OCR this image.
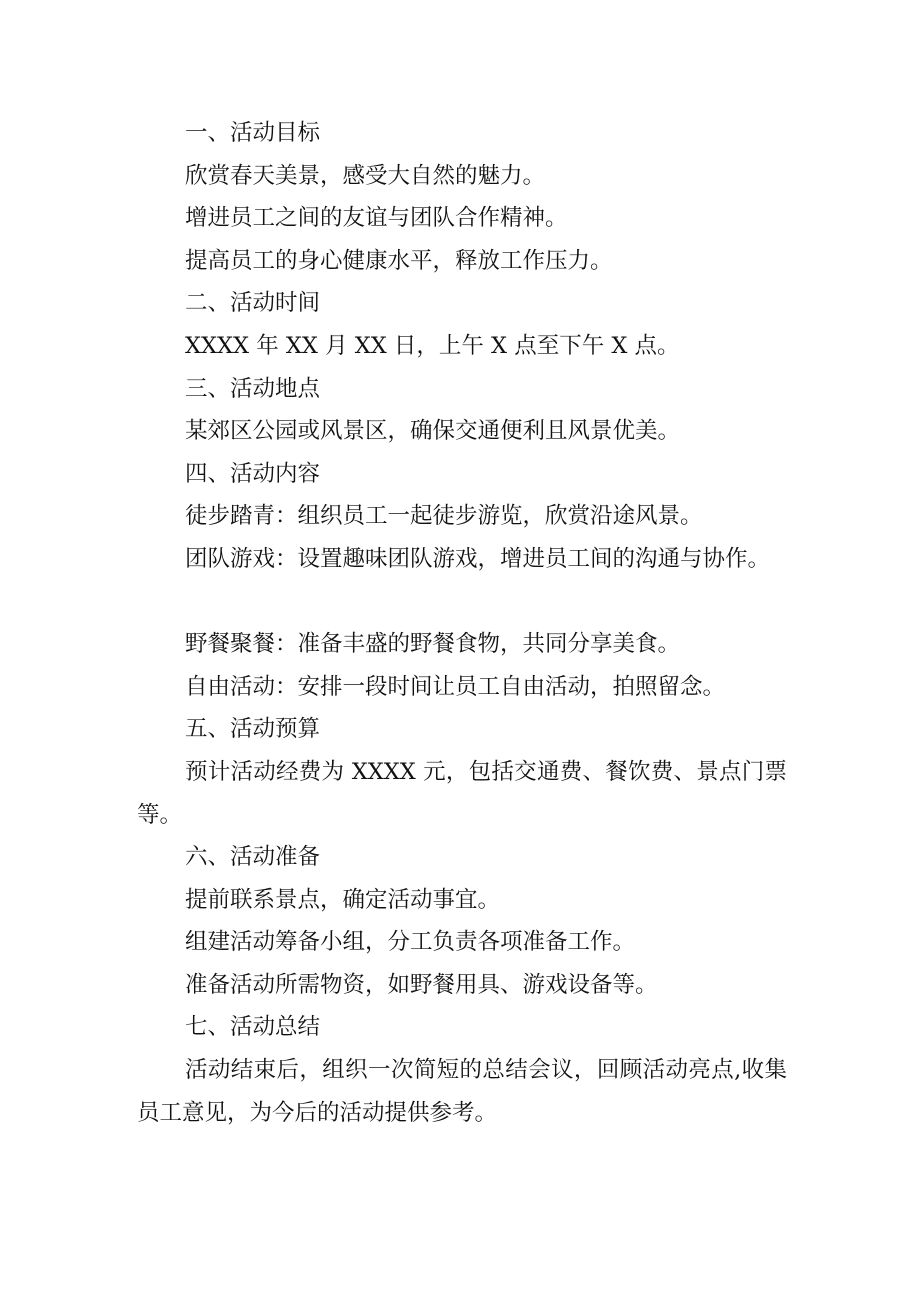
一、活动目标

欣赏春天美景，感受大自然的魅力。

增进员工之间的友谊与团队合作精神。

提高员工的身心健康水平，释放工作压力。

二、活动时间

XXXX 年 XX 月 XX 日，上午 X 点至下午 X 点。

三、活动地点

某郊区公园或风景区，确保交通便利且风景优美。

四、活动内容

徒步踏青：组织员工一起徒步游览，欣赏沿途风景。

团队游戏：设置趣味团队游戏，增进员工间的沟通与协作。

野餐聚餐：准备丰盛的野餐食物，共同分享美食。

自由活动：安排一段时间让员工自由活动，拍照留念。

五、活动预算

预计活动经费为 XXXX 元，包括交通费、餐饮费、景点门票等。

六、活动准备

提前联系景点，确定活动事宜。

组建活动筹备小组，分工负责各项准备工作。

准备活动所需物资，如野餐用具、游戏设备等。

七、活动总结

活动结束后，组织一次简短的总结会议，回顾活动亮点,收集员工意见，为今后的活动提供参考。
